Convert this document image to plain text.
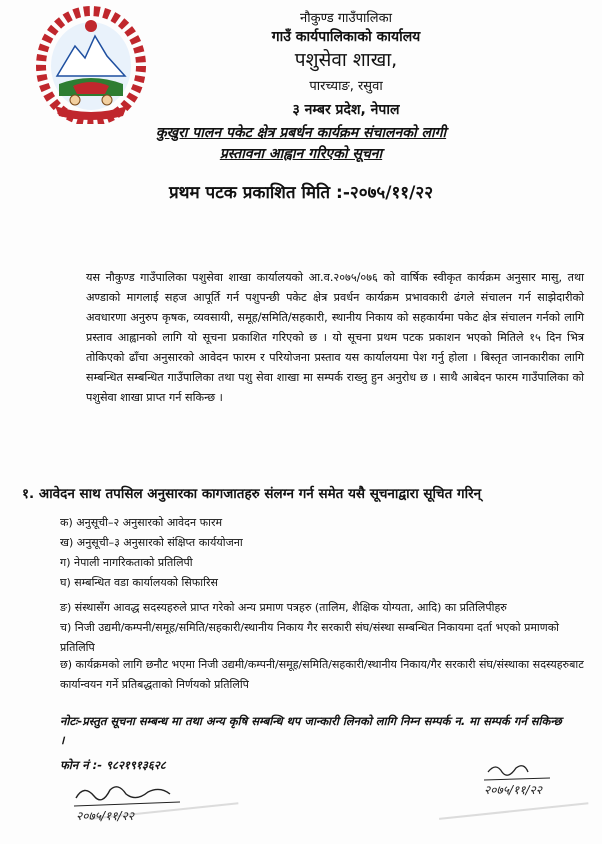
नौकुण्ड गाउँपालिका
गाउँ कार्यपालिकाको कार्यालय
पशुसेवा शाखा,
पारच्याङ, रसुवा
३ नम्बर प्रदेश, नेपाल
कुखुरा पालन पकेट क्षेत्र प्रबर्धन कार्यक्रम संचालनको लागी
प्रस्तावना आह्वान गरिएको सूचना
प्रथम पटक प्रकाशित मिति :-२०७५/११/२२
यस नौकुण्ड गाउँपालिका पशुसेवा शाखा कार्यालयको आ.व.२०७५/०७६ को वार्षिक स्वीकृत कार्यक्रम अनुसार मासु, तथा अण्डाको मागलाई सहज आपूर्ति गर्न पशुपन्छी पकेट क्षेत्र प्रवर्धन कार्यक्रम प्रभावकारी ढंगले संचालन गर्न साझेदारीको अवधारणा अनुरुप कृषक, व्यवसायी, समूह/समिति/सहकारी, स्थानीय निकाय को सहकार्यमा पकेट क्षेत्र संचालन गर्नको लागि प्रस्ताव आह्वानको लागि यो सूचना प्रकाशित गरिएको छ । यो सूचना प्रथम पटक प्रकाशन भएको मितिले १५ दिन भित्र तोकिएको ढाँचा अनुसारको आवेदन फारम र परियोजना प्रस्ताव यस कार्यालयमा पेश गर्नु होला । बिस्तृत जानकारीका लागि सम्बन्धित सम्बन्धित गाउँपालिका तथा पशु सेवा शाखा मा सम्पर्क राख्नु हुन अनुरोध छ । साथै आबेदन फारम गाउँपालिका को पशुसेवा शाखा प्राप्त गर्न सकिन्छ ।
१. आवेदन साथ तपसिल अनुसारका कागजातहरु संलग्न गर्न समेत यसै सूचनाद्वारा सूचित गरिन्
क) अनुसूची–२ अनुसारको आवेदन फारम
ख) अनुसूची–३ अनुसारको संक्षिप्त कार्ययोजना
ग) नेपाली नागरिकताको प्रतिलिपी
घ) सम्बन्धित वडा कार्यालयको सिफारिस
ङ) संस्थासँग आवद्ध सदस्यहरुले प्राप्त गरेको अन्य प्रमाण पत्रहरु (तालिम, शैक्षिक योग्यता, आदि) का प्रतिलिपीहरु
च) निजी उद्यमी/कम्पनी/समूह/समिति/सहकारी/स्थानीय निकाय गैर सरकारी संघ/संस्था सम्बन्धित निकायमा दर्ता भएको प्रमाणको प्रतिलिपि
छ) कार्यक्रमको लागि छनौट भएमा निजी उद्यमी/कम्पनी/समूह/समिति/सहकारी/स्थानीय निकाय/गैर सरकारी संघ/संस्थाका सदस्यहरुबाट कार्यान्वयन गर्ने प्रतिबद्धताको निर्णयको प्रतिलिपि
नोटः-प्रस्तुत सूचना सम्बन्ध मा तथा अन्य कृषि सम्बन्धि थप जान्कारी लिनको लागि निम्न सम्पर्क न. मा सम्पर्क गर्न सकिन्छ ।
फोन नं :- ९८२१९१३६२८
२०७५/११/२२
२०७५/११/२२
